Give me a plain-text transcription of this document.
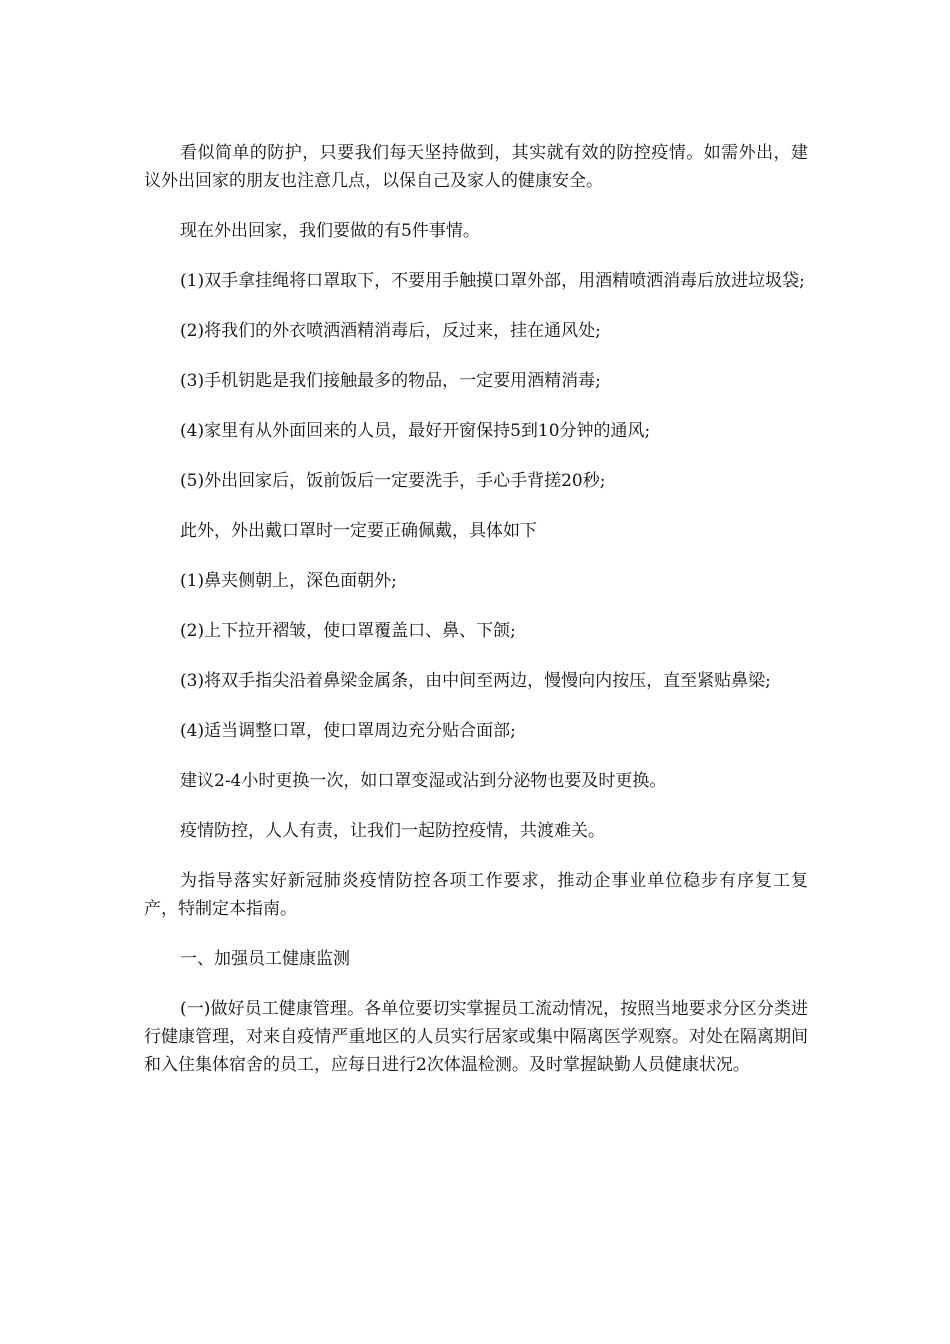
看似简单的防护，只要我们每天坚持做到，其实就有效的防控疫情。如需外出，建议外出回家的朋友也注意几点，以保自己及家人的健康安全。

现在外出回家，我们要做的有5件事情。

(1)双手拿挂绳将口罩取下，不要用手触摸口罩外部，用酒精喷洒消毒后放进垃圾袋;

(2)将我们的外衣喷洒酒精消毒后，反过来，挂在通风处;

(3)手机钥匙是我们接触最多的物品，一定要用酒精消毒;

(4)家里有从外面回来的人员，最好开窗保持5到10分钟的通风;

(5)外出回家后，饭前饭后一定要洗手，手心手背搓20秒;

此外，外出戴口罩时一定要正确佩戴，具体如下

(1)鼻夹侧朝上，深色面朝外;

(2)上下拉开褶皱，使口罩覆盖口、鼻、下颌;

(3)将双手指尖沿着鼻梁金属条，由中间至两边，慢慢向内按压，直至紧贴鼻梁;

(4)适当调整口罩，使口罩周边充分贴合面部;

建议2-4小时更换一次，如口罩变湿或沾到分泌物也要及时更换。

疫情防控，人人有责，让我们一起防控疫情，共渡难关。

为指导落实好新冠肺炎疫情防控各项工作要求，推动企事业单位稳步有序复工复产，特制定本指南。

一、加强员工健康监测

(一)做好员工健康管理。各单位要切实掌握员工流动情况，按照当地要求分区分类进行健康管理，对来自疫情严重地区的人员实行居家或集中隔离医学观察。对处在隔离期间和入住集体宿舍的员工，应每日进行2次体温检测。及时掌握缺勤人员健康状况。
